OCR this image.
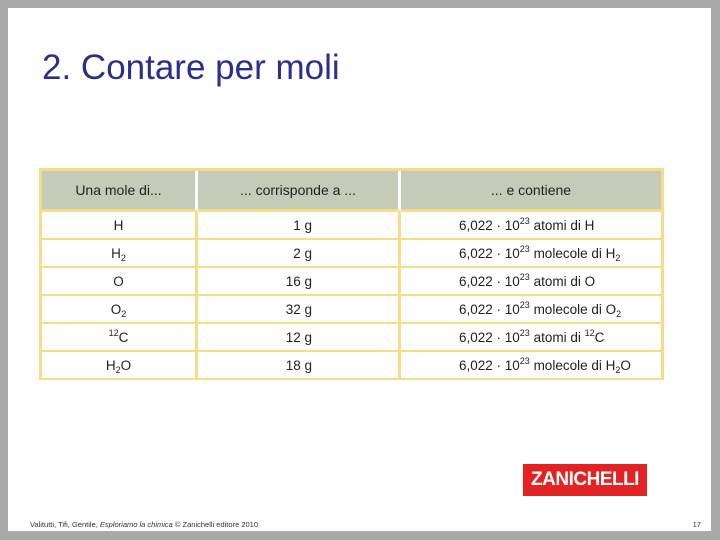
2. Contare per moli
Una mole di...	... corrisponde a ...	... e contiene
H	1 g	$6,022 \cdot 10^{23}$ atomi di H
$H_2$	2 g	$6,022 \cdot 10^{23}$ molecole di $H_2$
O	16 g	$6,022 \cdot 10^{23}$ atomi di O
$O_2$	32 g	$6,022 \cdot 10^{23}$ molecole di $O_2$
$^{12}$C	12 g	$6,022 \cdot 10^{23}$ atomi di $^{12}$C
$H_2O$	18 g	$6,022 \cdot 10^{23}$ molecole di $H_2O$
ZANICHELLI
Valitutti, Tifi, Gentile, Esploriamo la chimica © Zanichelli editore 2010	17
